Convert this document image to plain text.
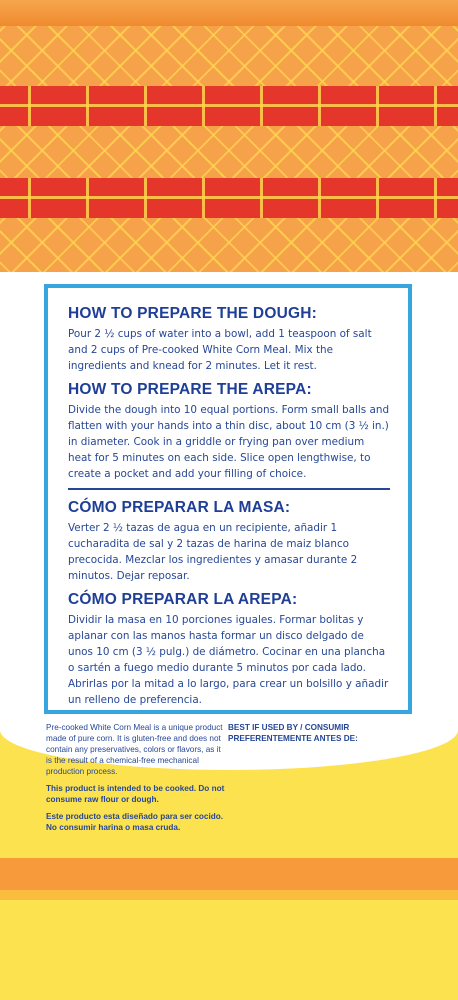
HOW TO PREPARE THE DOUGH:

Pour 2 ½ cups of water into a bowl, add 1 teaspoon of salt and 2 cups of Pre-cooked White Corn Meal. Mix the ingredients and knead for 2 minutes. Let it rest.

HOW TO PREPARE THE AREPA:

Divide the dough into 10 equal portions. Form small balls and flatten with your hands into a thin disc, about 10 cm (3 ½ in.) in diameter. Cook in a griddle or frying pan over medium heat for 5 minutes on each side. Slice open lengthwise, to create a pocket and add your filling of choice.

CÓMO PREPARAR LA MASA:

Verter 2 ½ tazas de agua en un recipiente, añadir 1 cucharadita de sal y 2 tazas de harina de maiz blanco precocida. Mezclar los ingredientes y amasar durante 2 minutos. Dejar reposar.

CÓMO PREPARAR LA AREPA:

Dividir la masa en 10 porciones iguales. Formar bolitas y aplanar con las manos hasta formar un disco delgado de unos 10 cm (3 ½ pulg.) de diámetro. Cocinar en una plancha o sartén a fuego medio durante 5 minutos por cada lado. Abrirlas por la mitad a lo largo, para crear un bolsillo y añadir un relleno de preferencia.

Pre-cooked White Corn Meal is a unique product made of pure corn. It is gluten-free and does not contain any preservatives, colors or flavors, as it is the result of a chemical-free mechanical production process.

This product is intended to be cooked. Do not consume raw flour or dough.

Este producto esta diseñado para ser cocido. No consumir harina o masa cruda.

BEST IF USED BY / CONSUMIR PREFERENTEMENTE ANTES DE:
